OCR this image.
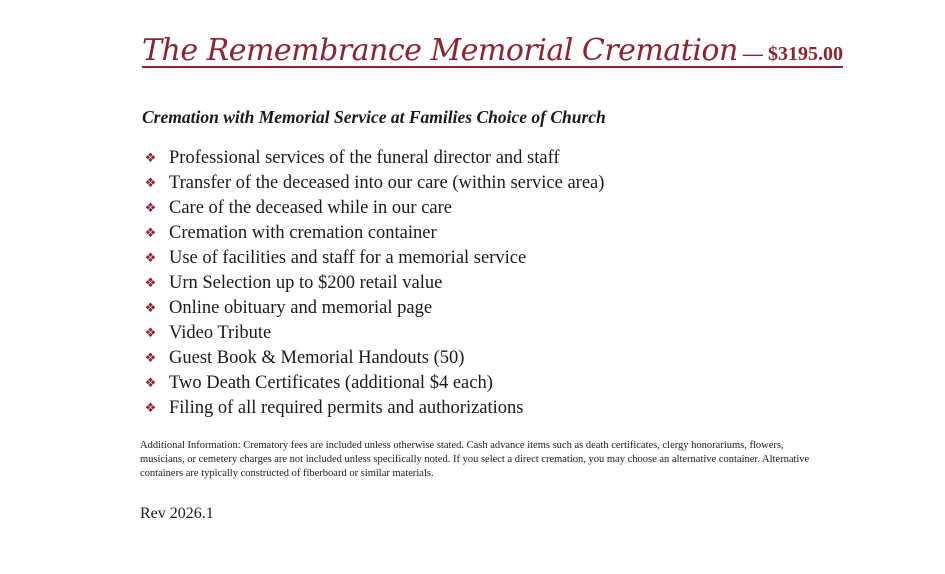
The Remembrance Memorial Cremation — $3195.00
Cremation with Memorial Service at Families Choice of Church
❖ Professional services of the funeral director and staff
❖ Transfer of the deceased into our care (within service area)
❖ Care of the deceased while in our care
❖ Cremation with cremation container
❖ Use of facilities and staff for a memorial service
❖ Urn Selection up to $200 retail value
❖ Online obituary and memorial page
❖ Video Tribute
❖ Guest Book & Memorial Handouts (50)
❖ Two Death Certificates (additional $4 each)
❖ Filing of all required permits and authorizations
Additional Information: Crematory fees are included unless otherwise stated. Cash advance items such as death certificates, clergy honorariums, flowers, musicians, or cemetery charges are not included unless specifically noted. If you select a direct cremation, you may choose an alternative container. Alternative containers are typically constructed of fiberboard or similar materials.
Rev 2026.1
